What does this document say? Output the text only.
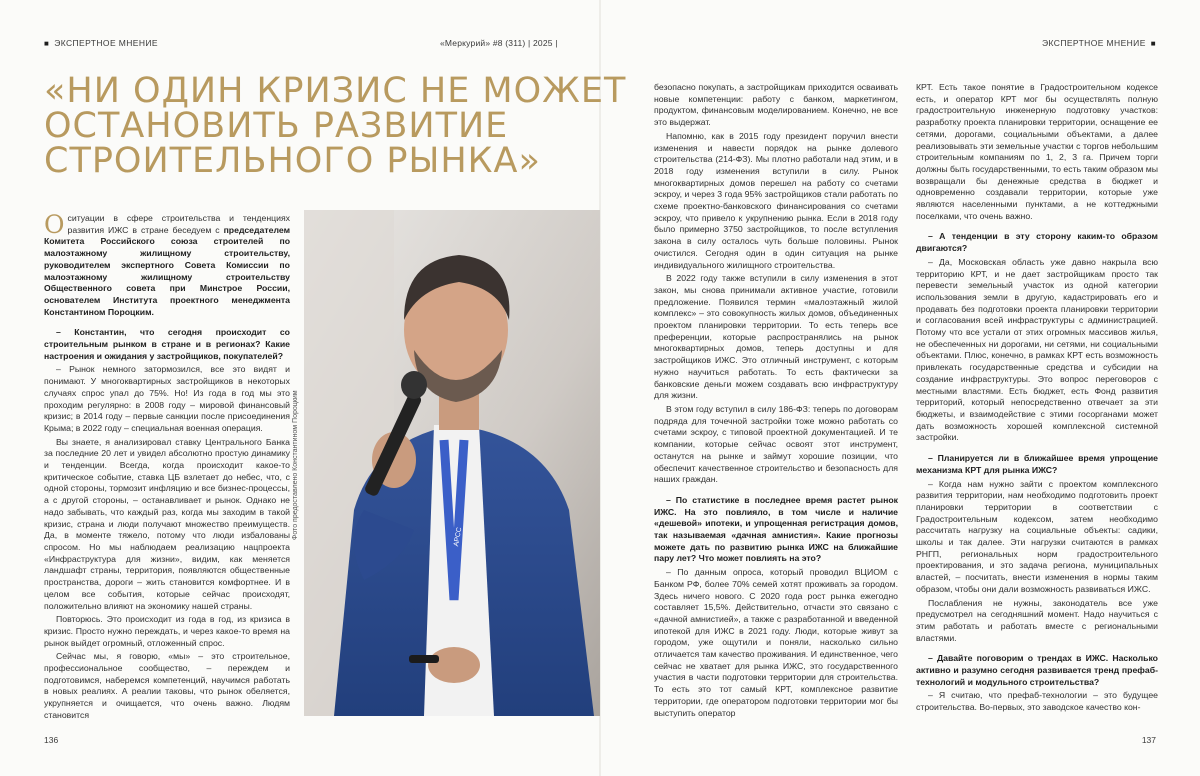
■ ЭКСПЕРТНОЕ МНЕНИЕ	«Меркурий» #8 (311) | 2025 |	ЭКСПЕРТНОЕ МНЕНИЕ ■
«НИ ОДИН КРИЗИС НЕ МОЖЕТ
ОСТАНОВИТЬ РАЗВИТИЕ
СТРОИТЕЛЬНОГО РЫНКА»

О ситуации в сфере строительства и тенденциях развития ИЖС в стране беседуем с председателем Комитета Российского союза строителей по малоэтажному жилищному строительству, руководителем экспертного Совета Комиссии по малоэтажному жилищному строительству Общественного совета при Минстрое России, основателем Института проектного менеджмента Константином Пороцким.

– Константин, что сегодня происходит со строительным рынком в стране и в регионах? Какие настроения и ожидания у застройщиков, покупателей?

– Рынок немного затормозился, все это видят и понимают. У многоквартирных застройщиков в некоторых случаях спрос упал до 75%. Но! Из года в год мы это проходим регулярно: в 2008 году – мировой финансовый кризис; в 2014 году – первые санкции после присоединения Крыма; в 2022 году – специальная военная операция.

Вы знаете, я анализировал ставку Центрального Банка за последние 20 лет и увидел абсолютно простую динамику и тенденции. Всегда, когда происходит какое-то критическое событие, ставка ЦБ взлетает до небес, что, с одной стороны, тормозит инфляцию и все бизнес-процессы, а с другой стороны, – останавливает и рынок. Однако не надо забывать, что каждый раз, когда мы заходим в такой кризис, страна и люди получают множество преимуществ. Да, в моменте тяжело, потому что люди избалованы спросом. Но мы наблюдаем реализацию нацпроекта «Инфраструктура для жизни», видим, как меняется ландшафт страны, территория, появляются общественные пространства, дороги – жить становится комфортнее. И в целом все события, которые сейчас происходят, положительно влияют на экономику нашей страны.

Повторюсь. Это происходит из года в год, из кризиса в кризис. Просто нужно переждать, и через какое-то время на рынок выйдет огромный, отложенный спрос.

Сейчас мы, я говорю, «мы» – это строительное, профессиональное сообщество, – переждем и подготовимся, наберемся компетенций, научимся работать в новых реалиях. А реалии таковы, что рынок обеляется, укрупняется и очищается, что очень важно. Людям становится

АРСС
Фото предоставлено Константином Пороцким

безопасно покупать, а застройщикам приходится осваивать новые компетенции: работу с банком, маркетингом, продуктом, финансовым моделированием. Конечно, не все это выдержат.

Напомню, как в 2015 году президент поручил внести изменения и навести порядок на рынке долевого строительства (214-ФЗ). Мы плотно работали над этим, и в 2018 году изменения вступили в силу. Рынок многоквартирных домов перешел на работу со счетами эскроу, и через 3 года 95% застройщиков стали работать по схеме проектно-банковского финансирования со счетами эскроу, что привело к укрупнению рынка. Если в 2018 году было примерно 3750 застройщиков, то после вступления закона в силу осталось чуть больше половины. Рынок очистился. Сегодня один в один ситуация на рынке индивидуального жилищного строительства.

В 2022 году также вступили в силу изменения в этот закон, мы снова принимали активное участие, готовили предложение. Появился термин «малоэтажный жилой комплекс» – это совокупность жилых домов, объединенных проектом планировки территории. То есть теперь все преференции, которые распространялись на рынок многоквартирных домов, теперь доступны и для застройщиков ИЖС. Это отличный инструмент, с которым нужно научиться работать. То есть фактически за банковские деньги можем создавать всю инфраструктуру для жизни.

В этом году вступил в силу 186-ФЗ: теперь по договорам подряда для точечной застройки тоже можно работать со счетами эскроу, с типовой проектной документацией. И те компании, которые сейчас освоят этот инструмент, останутся на рынке и займут хорошие позиции, что обеспечит качественное строительство и безопасность для наших граждан.

– По статистике в последнее время растет рынок ИЖС. На это повлияло, в том числе и наличие «дешевой» ипотеки, и упрощенная регистрация домов, так называемая «дачная амнистия». Какие прогнозы можете дать по развитию рынка ИЖС на ближайшие пару лет? Что может повлиять на это?

– По данным опроса, который проводил ВЦИОМ с Банком РФ, более 70% семей хотят проживать за городом. Здесь ничего нового. С 2020 года рост рынка ежегодно составляет 15,5%. Действительно, отчасти это связано с «дачной амнистией», а также с разработанной и введенной ипотекой для ИЖС в 2021 году. Люди, которые живут за городом, уже ощутили и поняли, насколько сильно отличается там качество проживания. И единственное, чего сейчас не хватает для рынка ИЖС, это государственного участия в части подготовки территории для строительства. То есть это тот самый КРТ, комплексное развитие территории, где оператором подготовки территории мог бы выступить оператор

КРТ. Есть такое понятие в Градостроительном кодексе есть, и оператор КРТ мог бы осуществлять полную градостроительную инженерную подготовку участков: разработку проекта планировки территории, оснащение ее сетями, дорогами, социальными объектами, а далее реализовывать эти земельные участки с торгов небольшим строительным компаниям по 1, 2, 3 га. Причем торги должны быть государственными, то есть таким образом мы возвращали бы денежные средства в бюджет и одновременно создавали территории, которые уже являются населенными пунктами, а не коттеджными поселками, что очень важно.

– А тенденции в эту сторону каким-то образом двигаются?

– Да, Московская область уже давно накрыла всю территорию КРТ, и не дает застройщикам просто так перевести земельный участок из одной категории использования земли в другую, кадастрировать его и продавать без подготовки проекта планировки территории и согласования всей инфраструктуры с администрацией. Потому что все устали от этих огромных массивов жилья, не обеспеченных ни дорогами, ни сетями, ни социальными объектами. Плюс, конечно, в рамках КРТ есть возможность привлекать государственные средства и субсидии на создание инфраструктуры. Это вопрос переговоров с местными властями. Есть бюджет, есть Фонд развития территорий, который непосредственно отвечает за эти бюджеты, и взаимодействие с этими госорганами может дать возможность хорошей комплексной системной застройки.

– Планируется ли в ближайшее время упрощение механизма КРТ для рынка ИЖС?

– Когда нам нужно зайти с проектом комплексного развития территории, нам необходимо подготовить проект планировки территории в соответствии с Градостроительным кодексом, затем необходимо рассчитать нагрузку на социальные объекты: садики, школы и так далее. Эти нагрузки считаются в рамках РНГП, региональных норм градостроительного проектирования, и это задача региона, муниципальных властей, – посчитать, внести изменения в нормы таким образом, чтобы они дали возможность развиваться ИЖС.

Послабления не нужны, законодатель все уже предусмотрел на сегодняшний момент. Надо научиться с этим работать и работать вместе с региональными властями.

– Давайте поговорим о трендах в ИЖС. Насколько активно и разумно сегодня развивается тренд префаб-технологий и модульного строительства?

– Я считаю, что префаб-технологии – это будущее строительства. Во-первых, это заводское качество кон-

136	137
